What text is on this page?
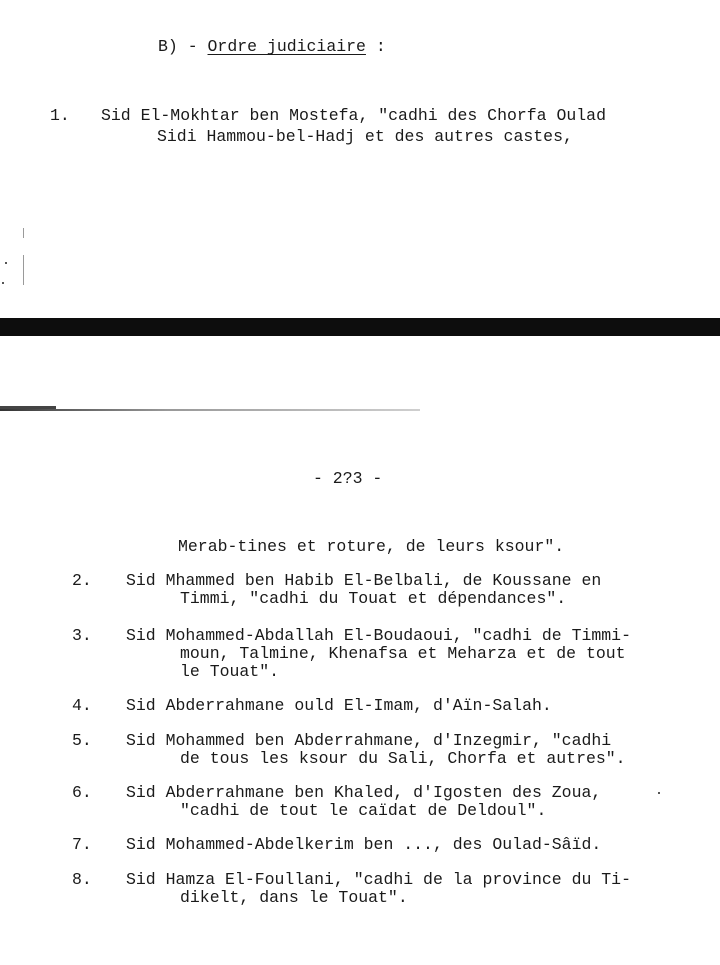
B) - Ordre judiciaire :
1. Sid El-Mokhtar ben Mostefa, "cadhi des Chorfa Oulad
Sidi Hammou-bel-Hadj et des autres castes,
- 2?3 -
Merab-tines et roture, de leurs ksour".
2. Sid Mhammed ben Habib El-Belbali, de Koussane en
Timmi, "cadhi du Touat et dépendances".
3. Sid Mohammed-Abdallah El-Boudaoui, "cadhi de Timmi-
moun, Talmine, Khenafsa et Meharza et de tout
le Touat".
4. Sid Abderrahmane ould El-Imam, d'Aïn-Salah.
5. Sid Mohammed ben Abderrahmane, d'Inzegmir, "cadhi
de tous les ksour du Sali, Chorfa et autres".
6. Sid Abderrahmane ben Khaled, d'Igosten des Zoua,
"cadhi de tout le caïdat de Deldoul".
7. Sid Mohammed-Abdelkerim ben ..., des Oulad-Sâïd.
8. Sid Hamza El-Foullani, "cadhi de la province du Ti-
dikelt, dans le Touat".
